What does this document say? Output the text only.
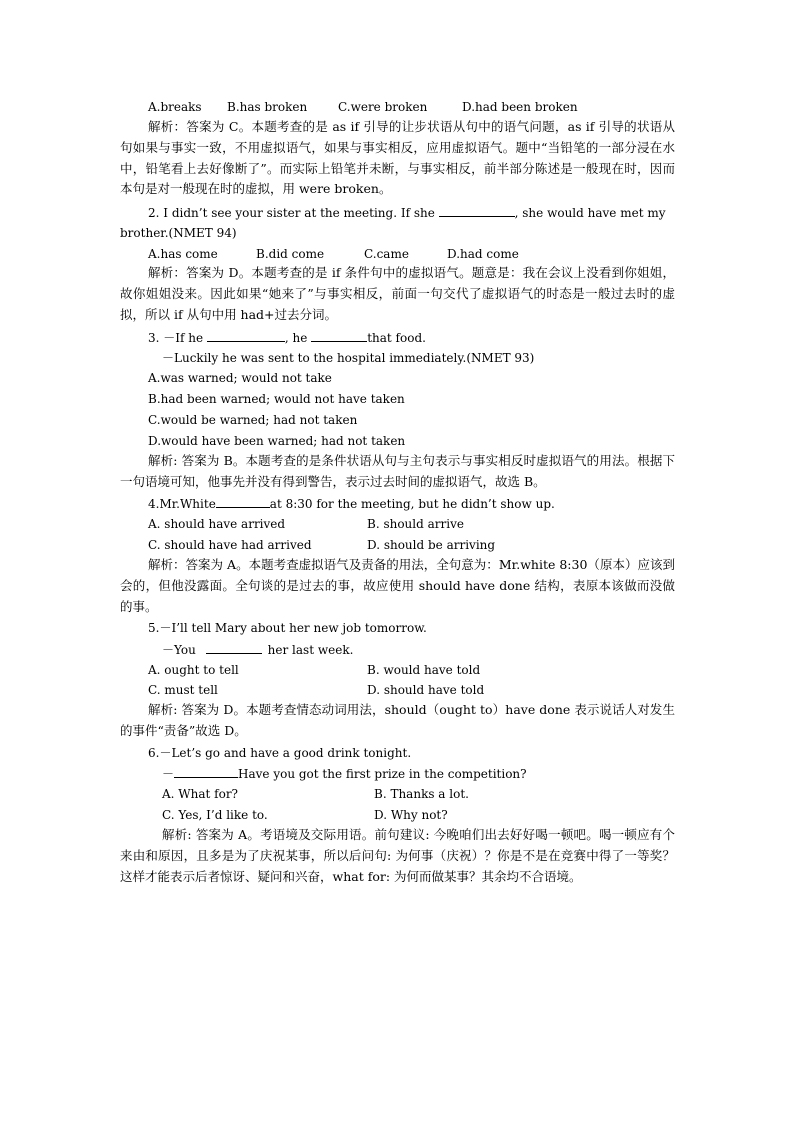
A.breaks B.has broken	C.were broken	D.had been broken
解析：答案为 C。本题考查的是 as if 引导的让步状语从句中的语气问题，as if 引导的状语从句如果与事实一致，不用虚拟语气，如果与事实相反，应用虚拟语气。题中“当铅笔的一部分浸在水中，铅笔看上去好像断了”。而实际上铅笔并未断，与事实相反，前半部分陈述是一般现在时，因而本句是对一般现在时的虚拟，用 were broken。
2. I didn’t see your sister at the meeting. If she	, she would have met my
brother.(NMET 94)
A.has come	B.did come	C.came	D.had come
解析：答案为 D。本题考查的是 if 条件句中的虚拟语气。题意是：我在会议上没看到你姐姐，故你姐姐没来。因此如果“她来了”与事实相反，前面一句交代了虚拟语气的时态是一般过去时的虚拟，所以 if 从句中用 had+过去分词。
3. －If he	, he	that food.
－Luckily he was sent to the hospital immediately.(NMET 93)
A.was warned; would not take
B.had been warned; would not have taken
C.would be warned; had not taken
D.would have been warned; had not taken
解析: 答案为 B。本题考查的是条件状语从句与主句表示与事实相反时虚拟语气的用法。根据下一句语境可知，他事先并没有得到警告，表示过去时间的虚拟语气，故选 B。
4.Mr.White	at 8:30 for the meeting, but he didn’t show up.
A. should have arrived	B. should arrive
C. should have had arrived	D. should be arriving
解析：答案为 A。本题考查虚拟语气及责备的用法，全句意为：Mr.white 8:30（原本）应该到会的，但他没露面。全句谈的是过去的事，故应使用 should have done 结构，表原本该做而没做的事。
5.－I’ll tell Mary about her new job tomorrow.
－You	her last week.
A. ought to tell	B. would have told
C. must tell	D. should have told
解析: 答案为 D。本题考查情态动词用法，should（ought to）have done 表示说话人对发生的事件“责备”故选 D。
6.－Let’s go and have a good drink tonight.
－	Have you got the first prize in the competition?
A. What for?	B. Thanks a lot.
C. Yes, I’d like to.	D. Why not?
解析: 答案为 A。考语境及交际用语。前句建议: 今晚咱们出去好好喝一顿吧。喝一顿应有个来由和原因，且多是为了庆祝某事，所以后问句: 为何事（庆祝）？你是不是在竞赛中得了一等奖？这样才能表示后者惊讶、疑问和兴奋，what for: 为何而做某事？其余均不合语境。
